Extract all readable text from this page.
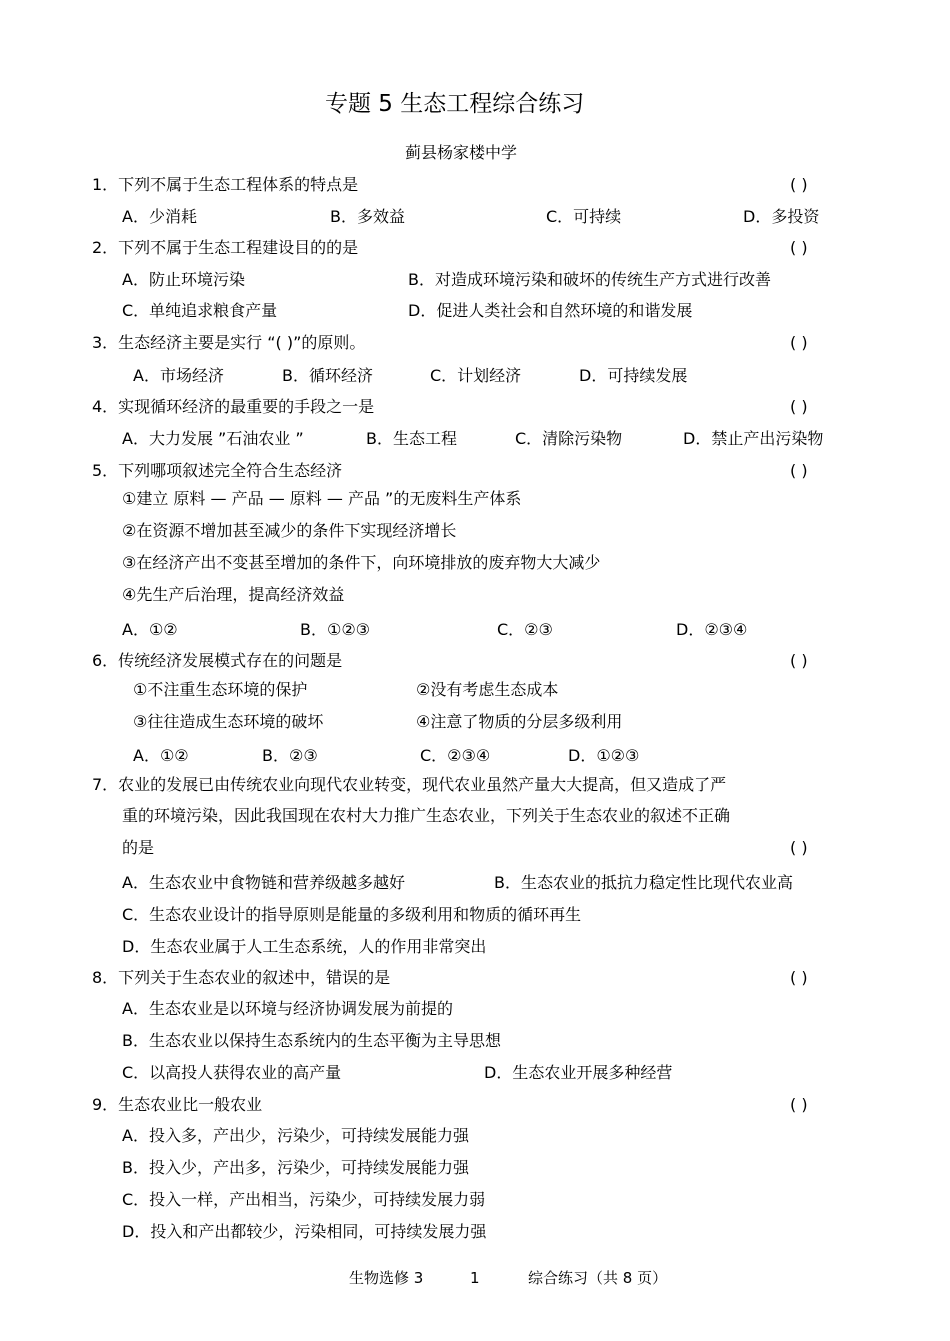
专题 5 生态工程综合练习
蓟县杨家楼中学
1．下列不属于生态工程体系的特点是	( )
A．少消耗	B．多效益	C．可持续	D．多投资
2．下列不属于生态工程建设目的的是	( )
A．防止环境污染	B．对造成环境污染和破坏的传统生产方式进行改善
C．单纯追求粮食产量	D．促进人类社会和自然环境的和谐发展
3．生态经济主要是实行 “( )”的原则。	( )
A．市场经济	B．循环经济	C．计划经济	D．可持续发展
4．实现循环经济的最重要的手段之一是	( )
A．大力发展 ”石油农业 ”	B．生态工程	C．清除污染物	D．禁止产出污染物
5．下列哪项叙述完全符合生态经济	( )
①建立 原料 — 产品 — 原料 — 产品 ”的无废料生产体系
②在资源不增加甚至减少的条件下实现经济增长
③在经济产出不变甚至增加的条件下，向环境排放的废弃物大大减少
④先生产后治理，提高经济效益
A．①②	B．①②③	C．②③	D．②③④
6．传统经济发展模式存在的问题是	( )
①不注重生态环境的保护	②没有考虑生态成本
③往往造成生态环境的破坏	④注意了物质的分层多级利用
A．①②	B．②③	C．②③④	D．①②③
7．农业的发展已由传统农业向现代农业转变，现代农业虽然产量大大提高，但又造成了严
重的环境污染，因此我国现在农村大力推广生态农业，下列关于生态农业的叙述不正确
的是	( )
A．生态农业中食物链和营养级越多越好	B．生态农业的抵抗力稳定性比现代农业高
C．生态农业设计的指导原则是能量的多级利用和物质的循环再生
D．生态农业属于人工生态系统，人的作用非常突出
8．下列关于生态农业的叙述中，错误的是	( )
A．生态农业是以环境与经济协调发展为前提的
B．生态农业以保持生态系统内的生态平衡为主导思想
C．以高投人获得农业的高产量	D．生态农业开展多种经营
9．生态农业比一般农业	( )
A．投入多，产出少，污染少，可持续发展能力强
B．投入少，产出多，污染少，可持续发展能力强
C．投入一样，产出相当，污染少，可持续发展力弱
D．投入和产出都较少，污染相同，可持续发展力强
生物选修 3	1	综合练习（共 8 页）
